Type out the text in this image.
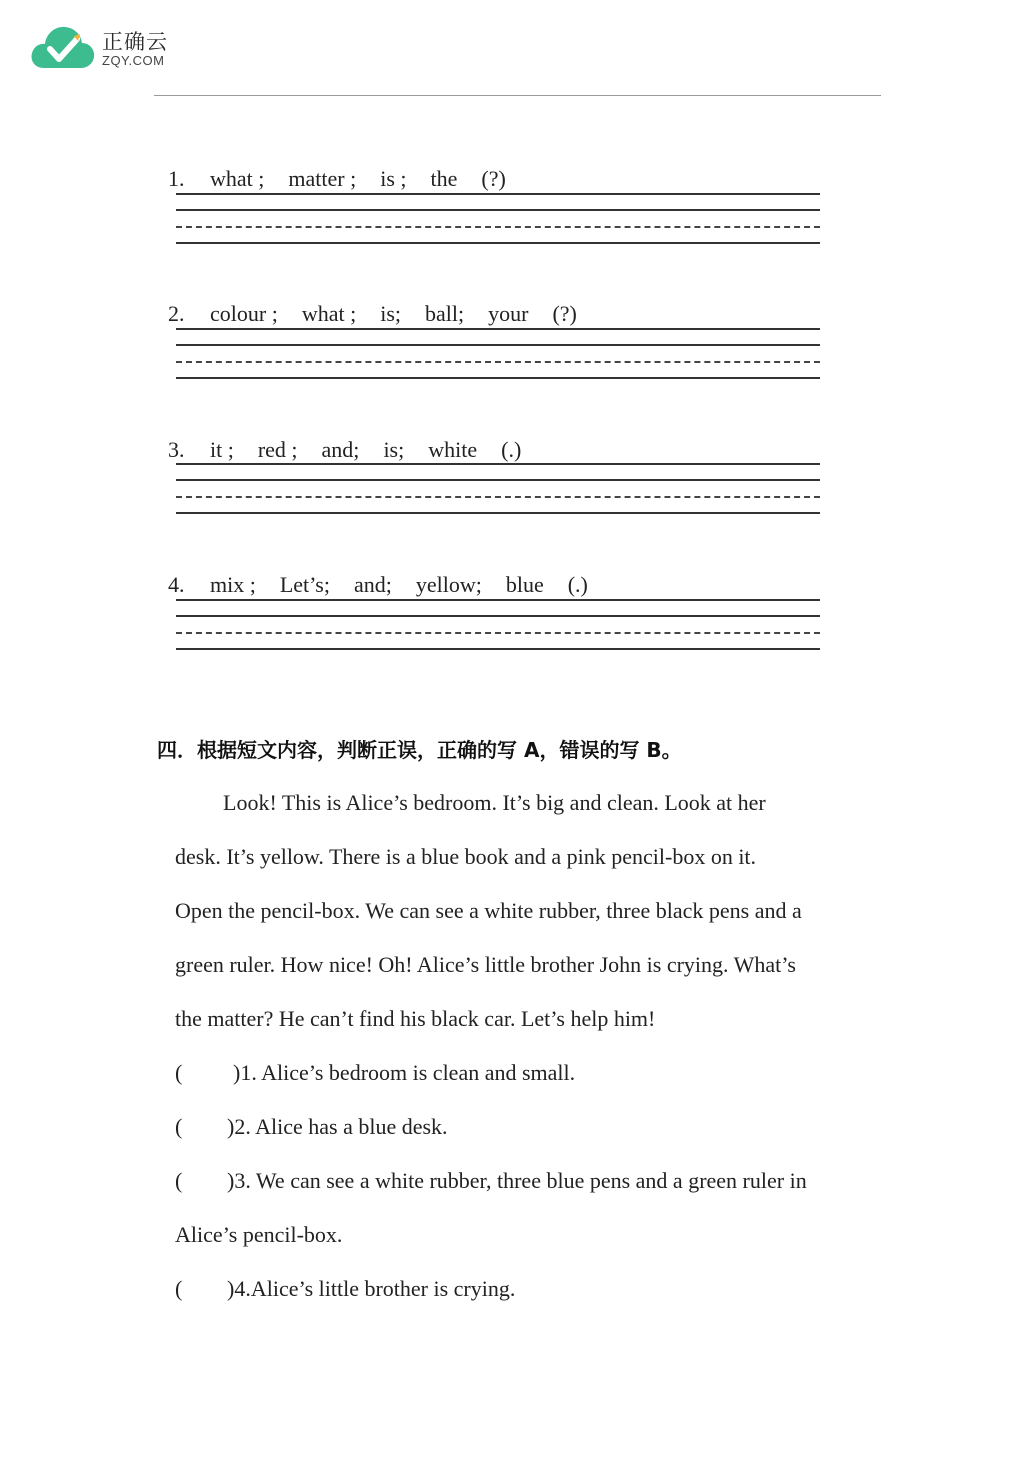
正确云
ZQY.COM

1. what ; matter ; is ; the (?)

2. colour ; what ; is; ball; your (?)

3. it ; red ; and; is; white (.)

4. mix ; Let’s; and; yellow; blue (.)

四．根据短文内容，判断正误，正确的写 A，错误的写 B。
Look! This is Alice’s bedroom. It’s big and clean. Look at her
desk. It’s yellow. There is a blue book and a pink pencil-box on it.
Open the pencil-box. We can see a white rubber, three black pens and a
green ruler. How nice! Oh! Alice’s little brother John is crying. What’s
the matter? He can’t find his black car. Let’s help him!
( )1. Alice’s bedroom is clean and small.
( )2. Alice has a blue desk.
( )3. We can see a white rubber, three blue pens and a green ruler in
Alice’s pencil-box.
( )4.Alice’s little brother is crying.
